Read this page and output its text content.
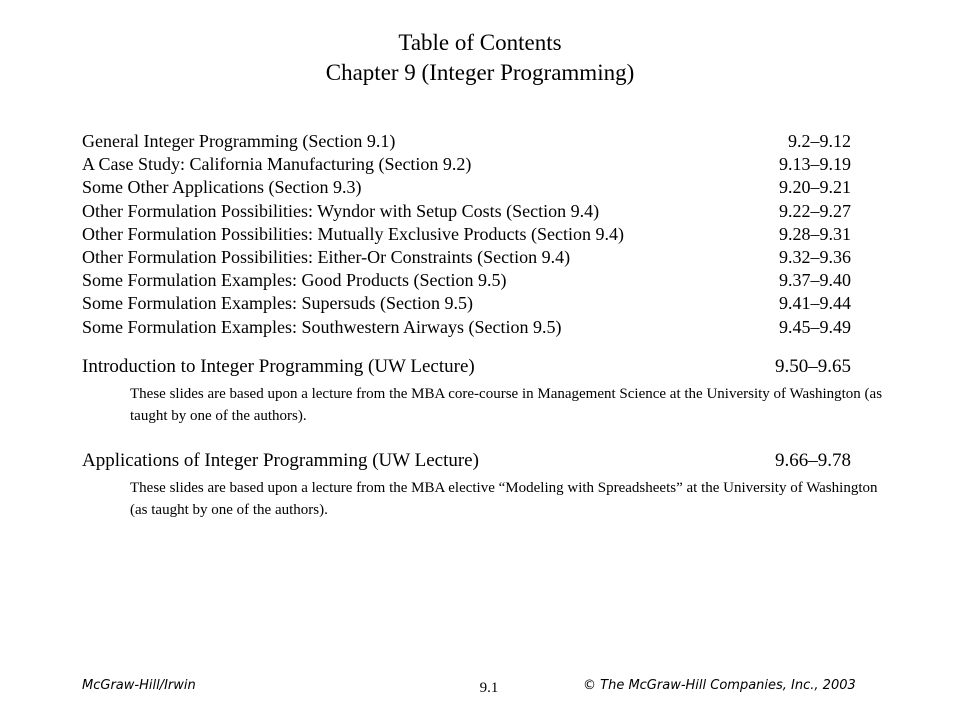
Table of Contents
Chapter 9 (Integer Programming)
General Integer Programming (Section 9.1)	9.2–9.12
A Case Study: California Manufacturing (Section 9.2)	9.13–9.19
Some Other Applications (Section 9.3)	9.20–9.21
Other Formulation Possibilities: Wyndor with Setup Costs (Section 9.4)	9.22–9.27
Other Formulation Possibilities: Mutually Exclusive Products (Section 9.4)	9.28–9.31
Other Formulation Possibilities: Either-Or Constraints (Section 9.4)	9.32–9.36
Some Formulation Examples: Good Products (Section 9.5)	9.37–9.40
Some Formulation Examples: Supersuds (Section 9.5)	9.41–9.44
Some Formulation Examples: Southwestern Airways (Section 9.5)	9.45–9.49
Introduction to Integer Programming (UW Lecture)	9.50–9.65
These slides are based upon a lecture from the MBA core-course in Management Science at the University of Washington (as taught by one of the authors).
Applications of Integer Programming (UW Lecture)	9.66–9.78
These slides are based upon a lecture from the MBA elective “Modeling with Spreadsheets” at the University of Washington (as taught by one of the authors).
McGraw-Hill/Irwin	9.1	© The McGraw-Hill Companies, Inc., 2003
